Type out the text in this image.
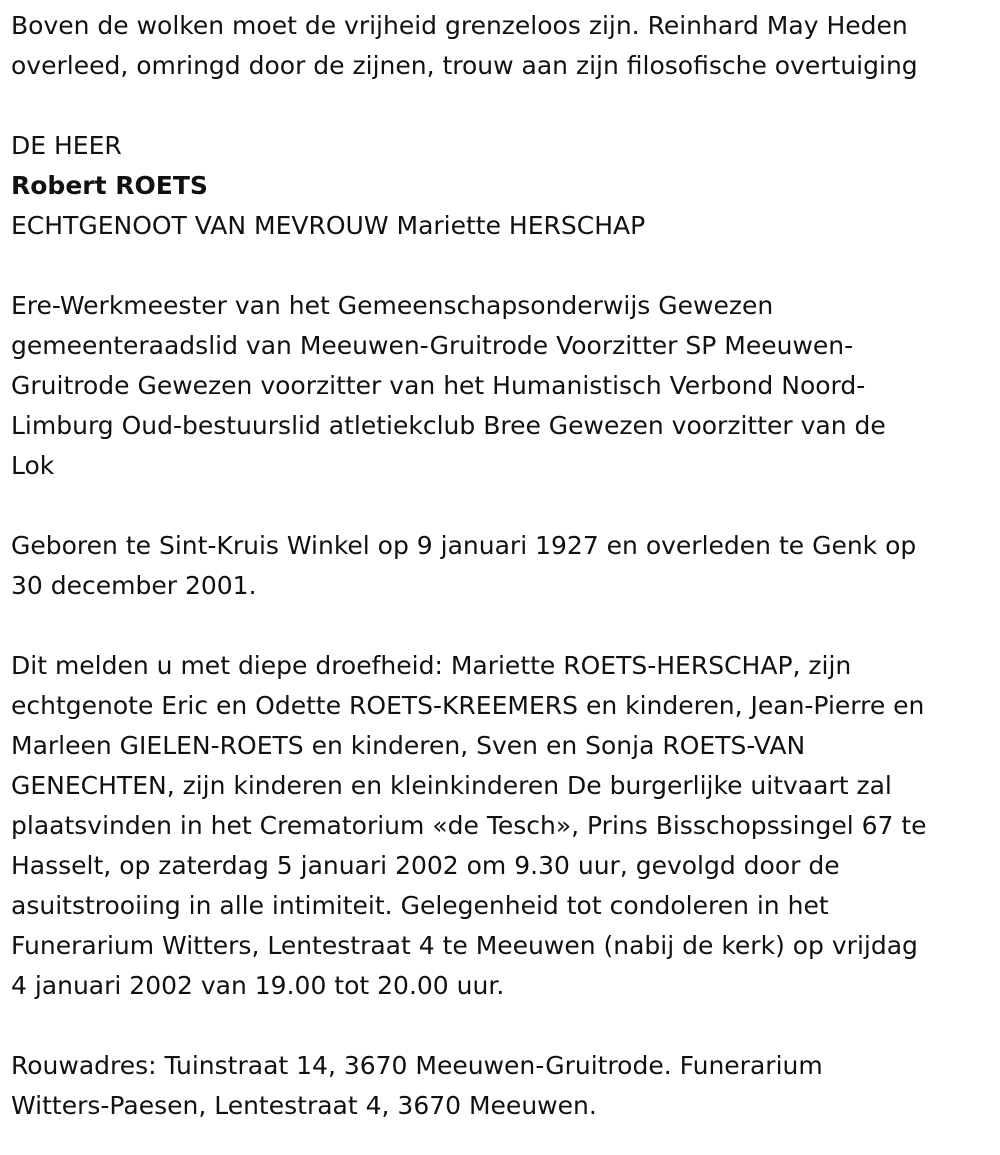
Boven de wolken moet de vrijheid grenzeloos zijn. Reinhard May Heden

overleed, omringd door de zijnen, trouw aan zijn filosofische overtuiging

DE HEER

Robert ROETS

ECHTGENOOT VAN MEVROUW Mariette HERSCHAP

Ere-Werkmeester van het Gemeenschapsonderwijs Gewezen

gemeenteraadslid van Meeuwen-Gruitrode Voorzitter SP Meeuwen-

Gruitrode Gewezen voorzitter van het Humanistisch Verbond Noord-

Limburg Oud-bestuurslid atletiekclub Bree Gewezen voorzitter van de

Lok

Geboren te Sint-Kruis Winkel op 9 januari 1927 en overleden te Genk op

30 december 2001.

Dit melden u met diepe droefheid: Mariette ROETS-HERSCHAP, zijn

echtgenote Eric en Odette ROETS-KREEMERS en kinderen, Jean-Pierre en

Marleen GIELEN-ROETS en kinderen, Sven en Sonja ROETS-VAN

GENECHTEN, zijn kinderen en kleinkinderen De burgerlijke uitvaart zal

plaatsvinden in het Crematorium «de Tesch», Prins Bisschopssingel 67 te

Hasselt, op zaterdag 5 januari 2002 om 9.30 uur, gevolgd door de

asuitstrooiing in alle intimiteit. Gelegenheid tot condoleren in het

Funerarium Witters, Lentestraat 4 te Meeuwen (nabij de kerk) op vrijdag

4 januari 2002 van 19.00 tot 20.00 uur.

Rouwadres: Tuinstraat 14, 3670 Meeuwen-Gruitrode. Funerarium

Witters-Paesen, Lentestraat 4, 3670 Meeuwen.
